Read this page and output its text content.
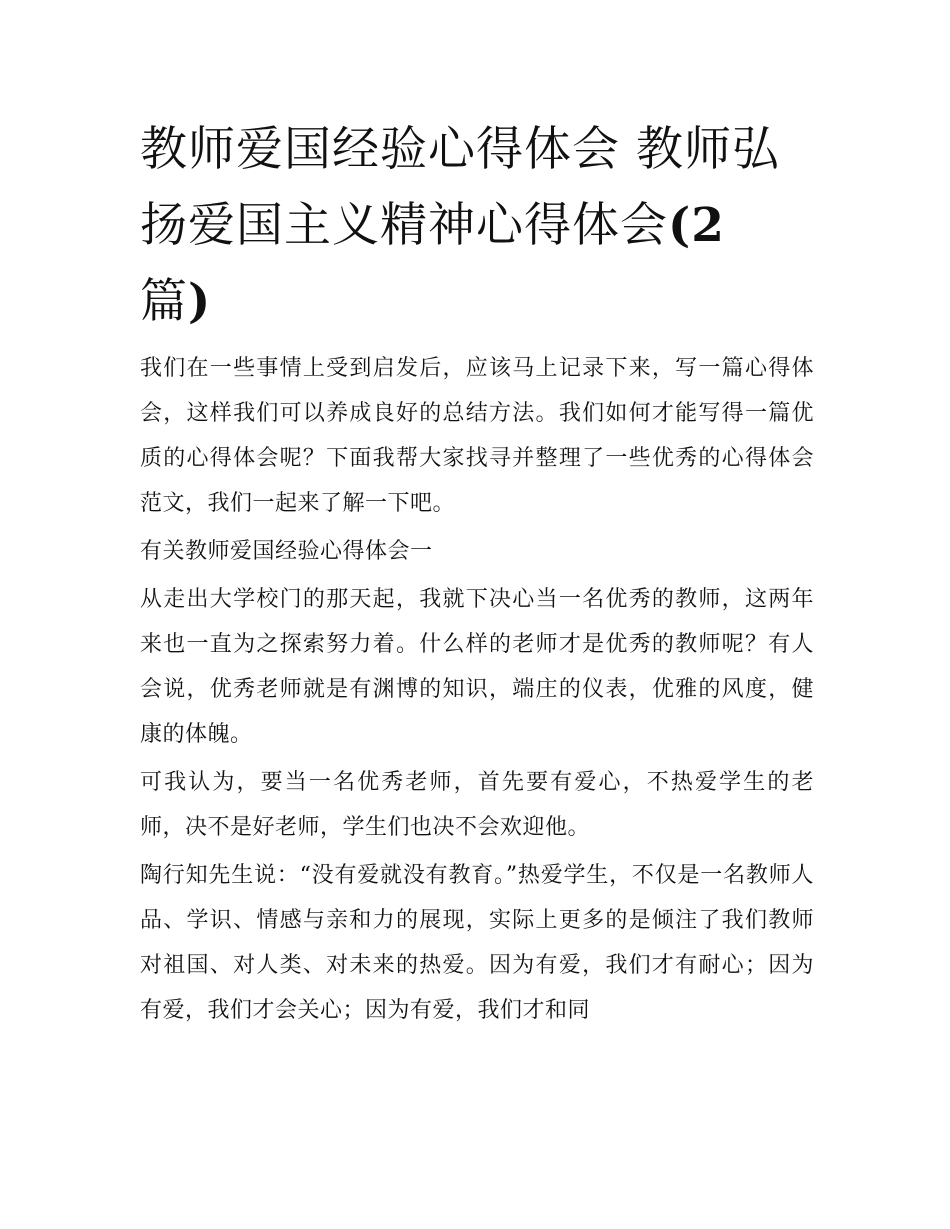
教师爱国经验心得体会 教师弘扬爱国主义精神心得体会(2
篇)

我们在一些事情上受到启发后，应该马上记录下来，写一篇心得体会，这样我们可以养成良好的总结方法。我们如何才能写得一篇优质的心得体会呢？下面我帮大家找寻并整理了一些优秀的心得体会范文，我们一起来了解一下吧。

有关教师爱国经验心得体会一

从走出大学校门的那天起，我就下决心当一名优秀的教师，这两年来也一直为之探索努力着。什么样的老师才是优秀的教师呢？有人会说，优秀老师就是有渊博的知识，端庄的仪表，优雅的风度，健康的体魄。

可我认为，要当一名优秀老师，首先要有爱心，不热爱学生的老师，决不是好老师，学生们也决不会欢迎他。

陶行知先生说：“没有爱就没有教育。”热爱学生，不仅是一名教师人品、学识、情感与亲和力的展现，实际上更多的是倾注了我们教师对祖国、对人类、对未来的热爱。因为有爱，我们才有耐心；因为有爱，我们才会关心；因为有爱，我们才和同
